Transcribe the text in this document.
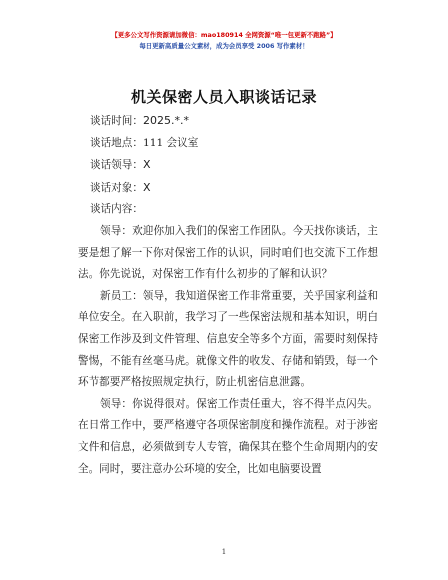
【更多公文写作资源请加微信：mao180914 全网资源“唯一包更新不跑路”】
每日更新高质量公文素材，成为会员享受 2006 写作素材！
机关保密人员入职谈话记录

谈话时间：2025.*.*

谈话地点：111 会议室

谈话领导：X

谈话对象：X

谈话内容：

领导：欢迎你加入我们的保密工作团队。今天找你谈话，主要是想了解一下你对保密工作的认识，同时咱们也交流下工作想法。你先说说，对保密工作有什么初步的了解和认识？

新员工：领导，我知道保密工作非常重要，关乎国家利益和单位安全。在入职前，我学习了一些保密法规和基本知识，明白保密工作涉及到文件管理、信息安全等多个方面，需要时刻保持警惕，不能有丝毫马虎。就像文件的收发、存储和销毁，每一个环节都要严格按照规定执行，防止机密信息泄露。

领导：你说得很对。保密工作责任重大，容不得半点闪失。在日常工作中，要严格遵守各项保密制度和操作流程。对于涉密文件和信息，必须做到专人专管，确保其在整个生命周期内的安全。同时，要注意办公环境的安全，比如电脑要设置

1
